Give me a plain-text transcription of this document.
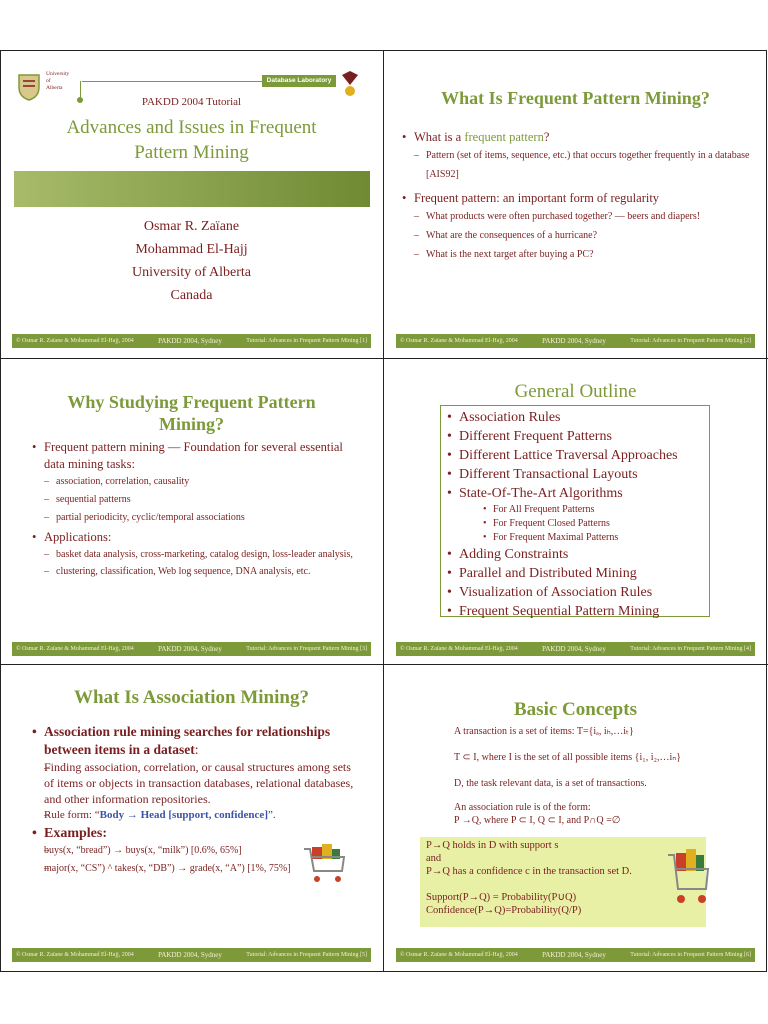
University
of
Alberta
Database Laboratory
PAKDD 2004 Tutorial
Advances and Issues in Frequent
Pattern Mining
Osmar R. Zaïane
Mohammad El-Hajj
University of Alberta
Canada
© Osmar R. Zaïane & Mohammad El-Hajj, 2004	PAKDD 2004, Sydney	Tutorial: Advances in Frequent Pattern Mining [1]
What Is Frequent Pattern Mining?
• What is a frequent pattern?
– Pattern (set of items, sequence, etc.) that occurs together frequently in a database [AIS92]
• Frequent pattern: an important form of regularity
– What products were often purchased together? — beers and diapers!
– What are the consequences of a hurricane?
– What is the next target after buying a PC?
© Osmar R. Zaïane & Mohammad El-Hajj, 2004	PAKDD 2004, Sydney	Tutorial: Advances in Frequent Pattern Mining [2]
Why Studying Frequent Pattern
Mining?
• Frequent pattern mining — Foundation for several essential data mining tasks:
– association, correlation, causality
– sequential patterns
– partial periodicity, cyclic/temporal associations
• Applications:
– basket data analysis, cross-marketing, catalog design, loss-leader analysis,
– clustering, classification, Web log sequence, DNA analysis, etc.
© Osmar R. Zaïane & Mohammad El-Hajj, 2004	PAKDD 2004, Sydney	Tutorial: Advances in Frequent Pattern Mining [3]
General Outline
• Association Rules
• Different Frequent Patterns
• Different Lattice Traversal Approaches
• Different Transactional Layouts
• State-Of-The-Art Algorithms
• For All Frequent Patterns
• For Frequent Closed Patterns
• For Frequent Maximal Patterns
• Adding Constraints
• Parallel and Distributed Mining
• Visualization of Association Rules
• Frequent Sequential Pattern Mining
© Osmar R. Zaïane & Mohammad El-Hajj, 2004	PAKDD 2004, Sydney	Tutorial: Advances in Frequent Pattern Mining [4]
What Is Association Mining?
• Association rule mining searches for relationships between items in a dataset:
– Finding association, correlation, or causal structures among sets of items or objects in transaction databases, relational databases, and other information repositories.
– Rule form: “Body → Head [support, confidence]”.
• Examples:
– buys(x, “bread”) → buys(x, “milk”) [0.6%, 65%]
– major(x, “CS”) ^ takes(x, “DB”) → grade(x, “A”) [1%, 75%]
© Osmar R. Zaïane & Mohammad El-Hajj, 2004	PAKDD 2004, Sydney	Tutorial: Advances in Frequent Pattern Mining [5]
Basic Concepts
A transaction is a set of items: T={iₐ, iₕ,…iₜ}
T ⊂ I, where I is the set of all possible items {i₁, i₂,…iₙ}
D, the task relevant data, is a set of transactions.
An association rule is of the form:
P →Q, where P ⊂ I, Q ⊂ I, and P∩Q =∅
P→Q holds in D with support s
and
P→Q has a confidence c in the transaction set D.
Support(P→Q) = Probability(P∪Q)
Confidence(P→Q)=Probability(Q/P)
© Osmar R. Zaïane & Mohammad El-Hajj, 2004	PAKDD 2004, Sydney	Tutorial: Advances in Frequent Pattern Mining [6]
